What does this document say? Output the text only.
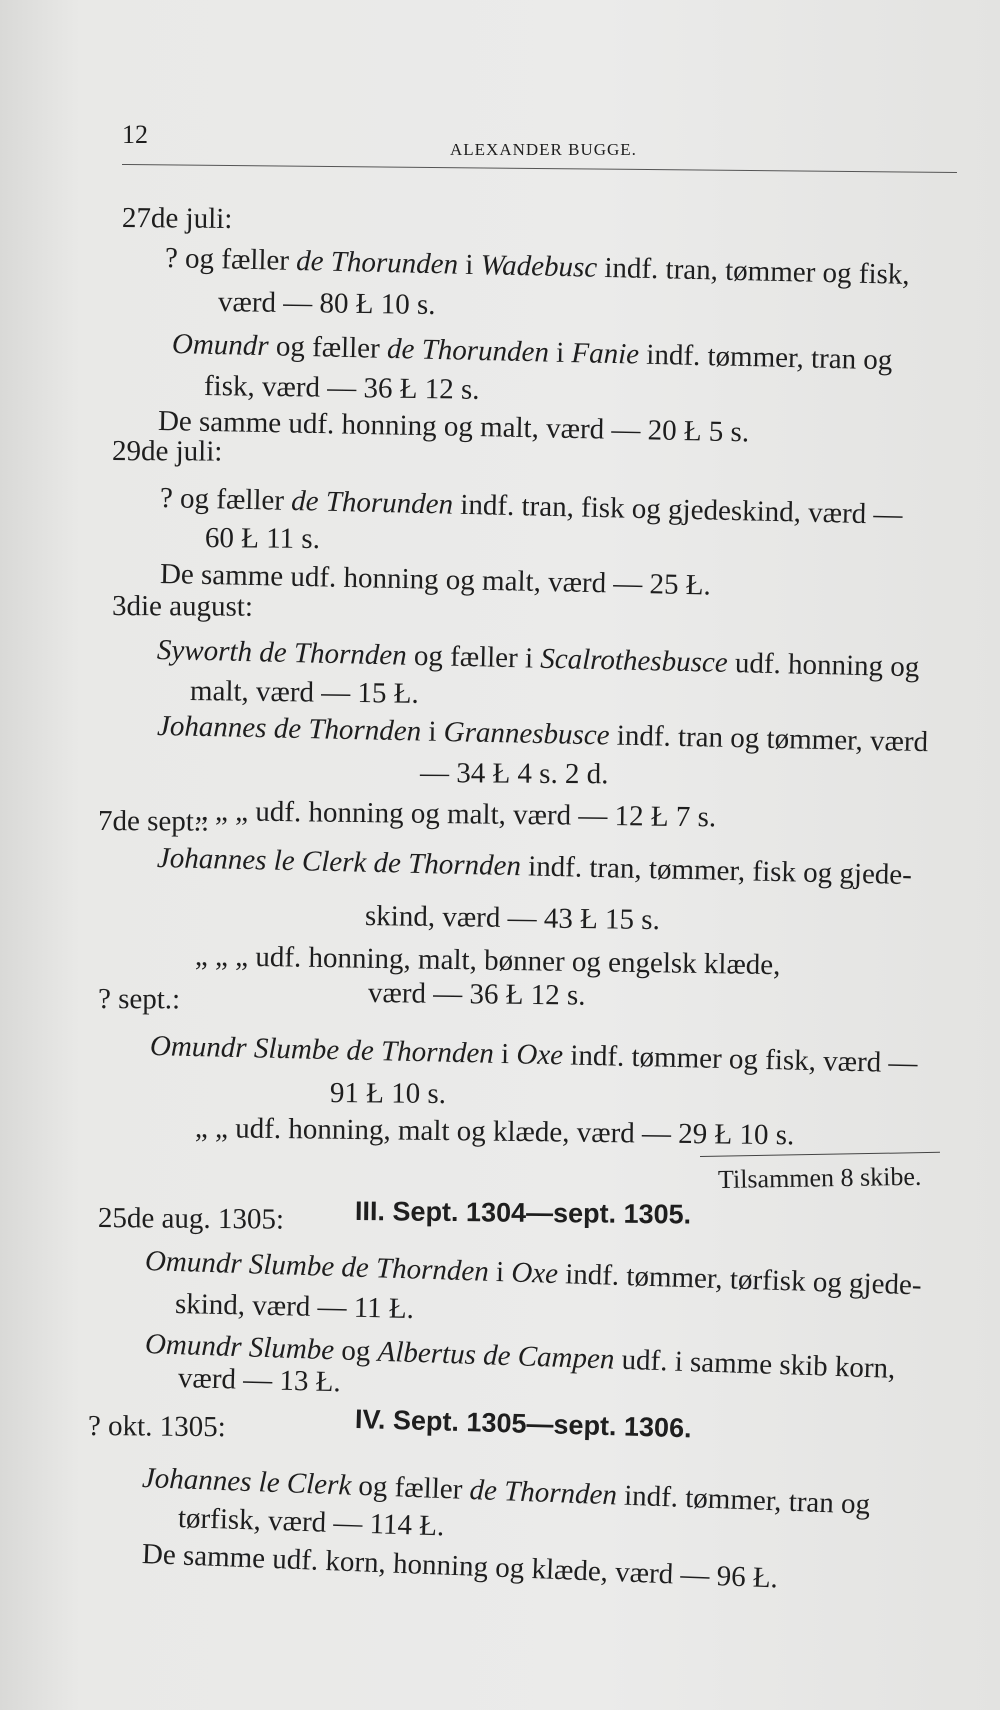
12
ALEXANDER BUGGE.
27de juli:
? og fæller de Thorunden i Wadebusc indf. tran, tømmer og fisk,
værd — 80 Ł 10 s.
Omundr og fæller de Thorunden i Fanie indf. tømmer, tran og
fisk, værd — 36 Ł 12 s.
De samme udf. honning og malt, værd — 20 Ł 5 s.
29de juli:
? og fæller de Thorunden indf. tran, fisk og gjedeskind, værd —
60 Ł 11 s.
De samme udf. honning og malt, værd — 25 Ł.
3die august:
Syworth de Thornden og fæller i Scalrothesbusce udf. honning og
malt, værd — 15 Ł.
Johannes de Thornden i Grannesbusce indf. tran og tømmer, værd
— 34 Ł 4 s. 2 d.
„ „ „ udf. honning og malt, værd — 12 Ł 7 s.
7de sept.:
Johannes le Clerk de Thornden indf. tran, tømmer, fisk og gjede-
skind, værd — 43 Ł 15 s.
„ „ „ udf. honning, malt, bønner og engelsk klæde,
værd — 36 Ł 12 s.
? sept.:
Omundr Slumbe de Thornden i Oxe indf. tømmer og fisk, værd —
91 Ł 10 s.
„ „ udf. honning, malt og klæde, værd — 29 Ł 10 s.
Tilsammen 8 skibe.
25de aug. 1305:
Omundr Slumbe de Thornden i Oxe indf. tømmer, tørfisk og gjede-
skind, værd — 11 Ł.
Omundr Slumbe og Albertus de Campen udf. i samme skib korn,
værd — 13 Ł.
? okt. 1305:
Johannes le Clerk og fæller de Thornden indf. tømmer, tran og
tørfisk, værd — 114 Ł.
De samme udf. korn, honning og klæde, værd — 96 Ł.
III. Sept. 1304—sept. 1305.
IV. Sept. 1305—sept. 1306.
